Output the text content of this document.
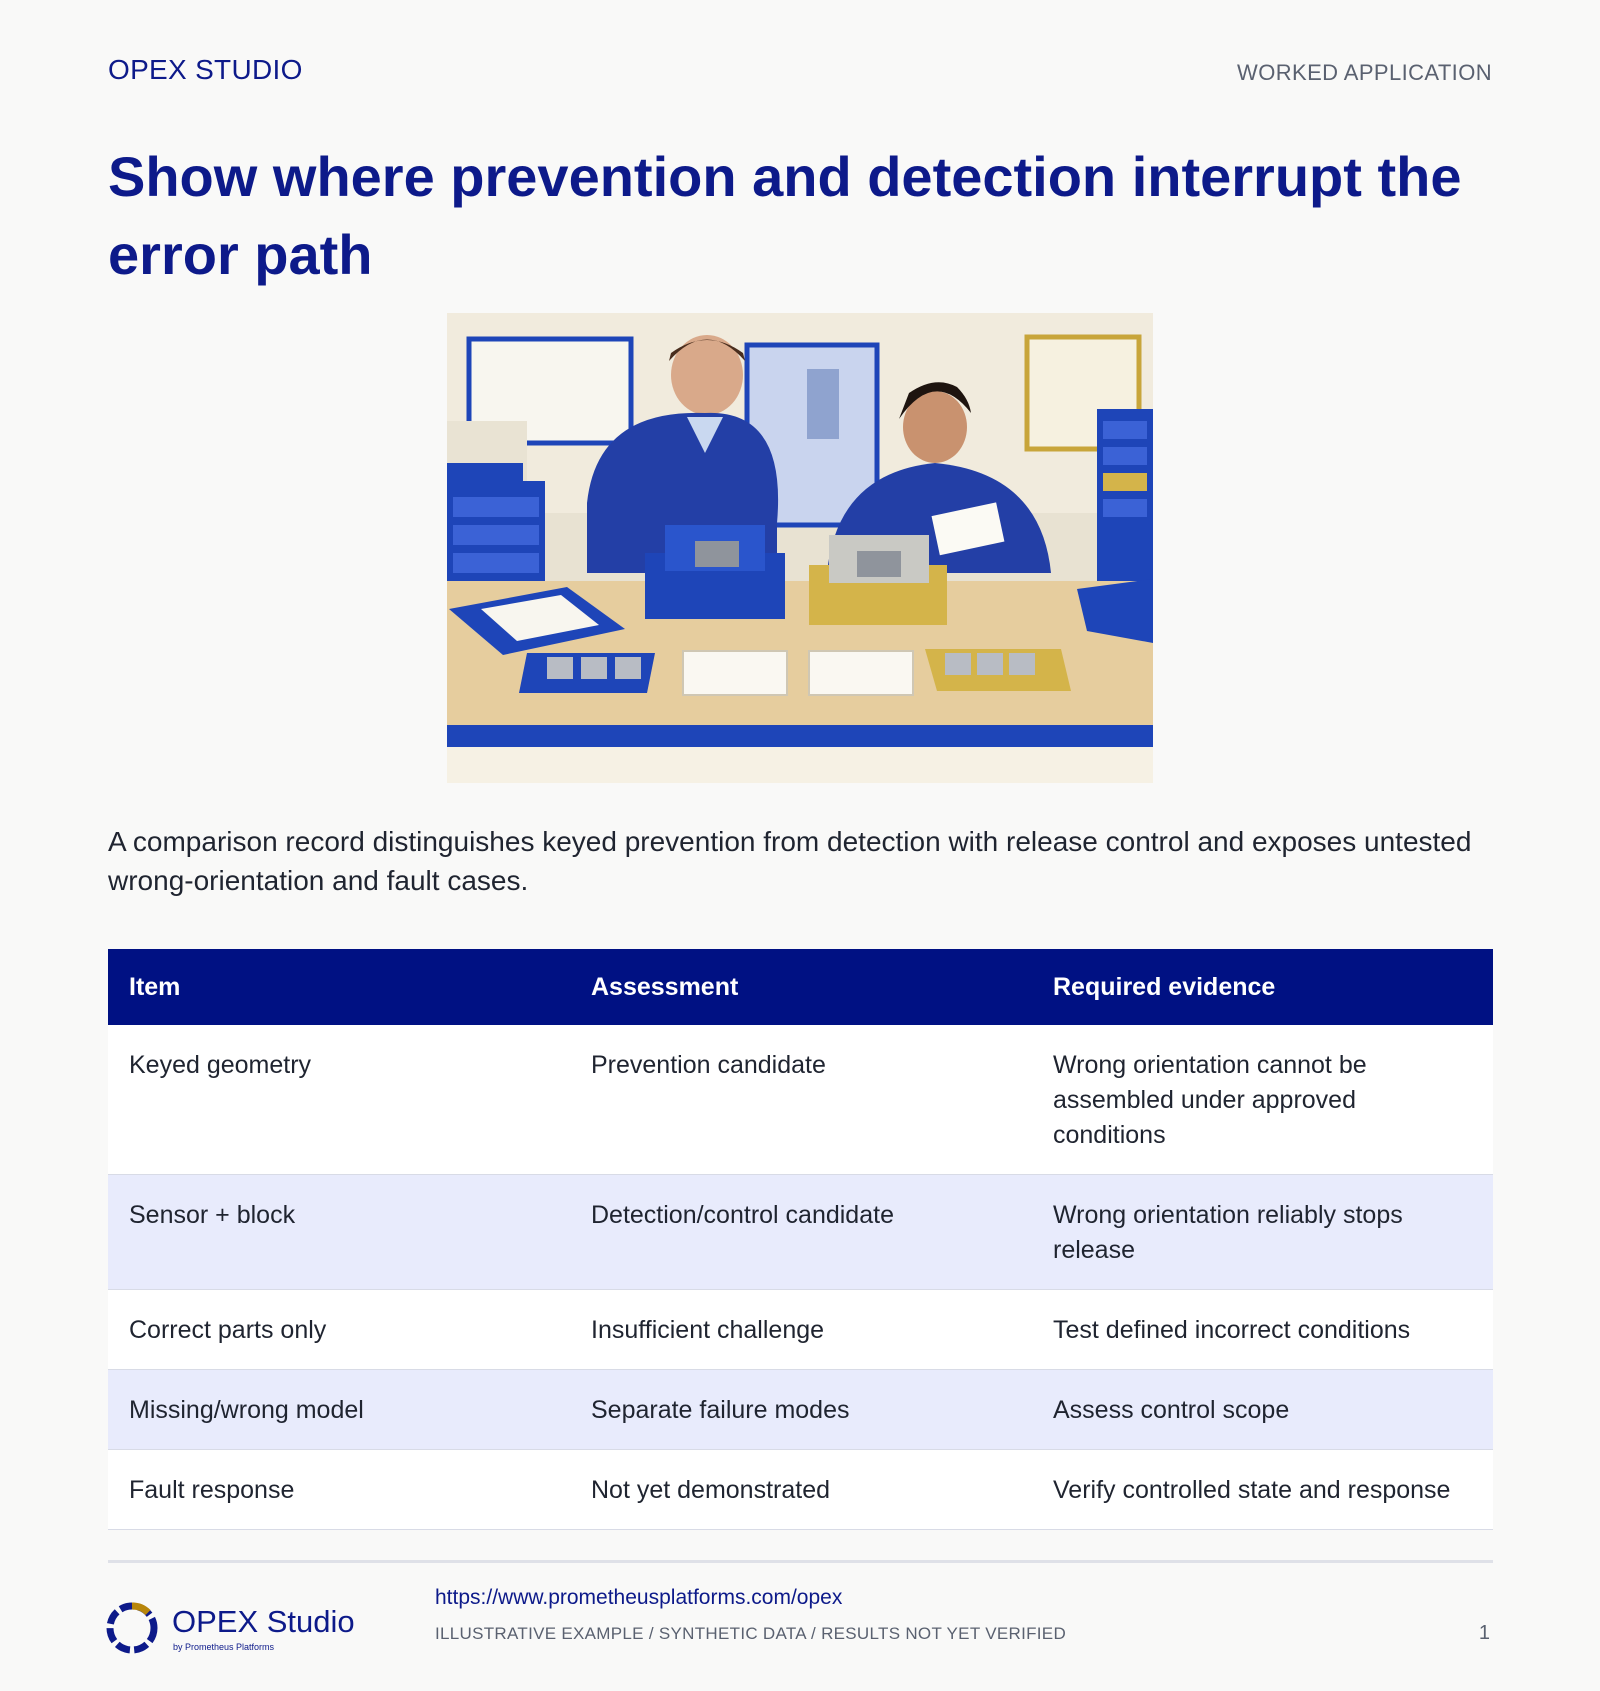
OPEX STUDIO	WORKED APPLICATION
Show where prevention and detection interrupt the error path

A comparison record distinguishes keyed prevention from detection with release control and exposes untested wrong-orientation and fault cases.

Item	Assessment	Required evidence
Keyed geometry	Prevention candidate	Wrong orientation cannot be assembled under approved conditions
Sensor + block	Detection/control candidate	Wrong orientation reliably stops release
Correct parts only	Insufficient challenge	Test defined incorrect conditions
Missing/wrong model	Separate failure modes	Assess control scope
Fault response	Not yet demonstrated	Verify controlled state and response
OPEX Studio
by Prometheus Platforms
https://www.prometheusplatforms.com/opex
ILLUSTRATIVE EXAMPLE / SYNTHETIC DATA / RESULTS NOT YET VERIFIED	1
